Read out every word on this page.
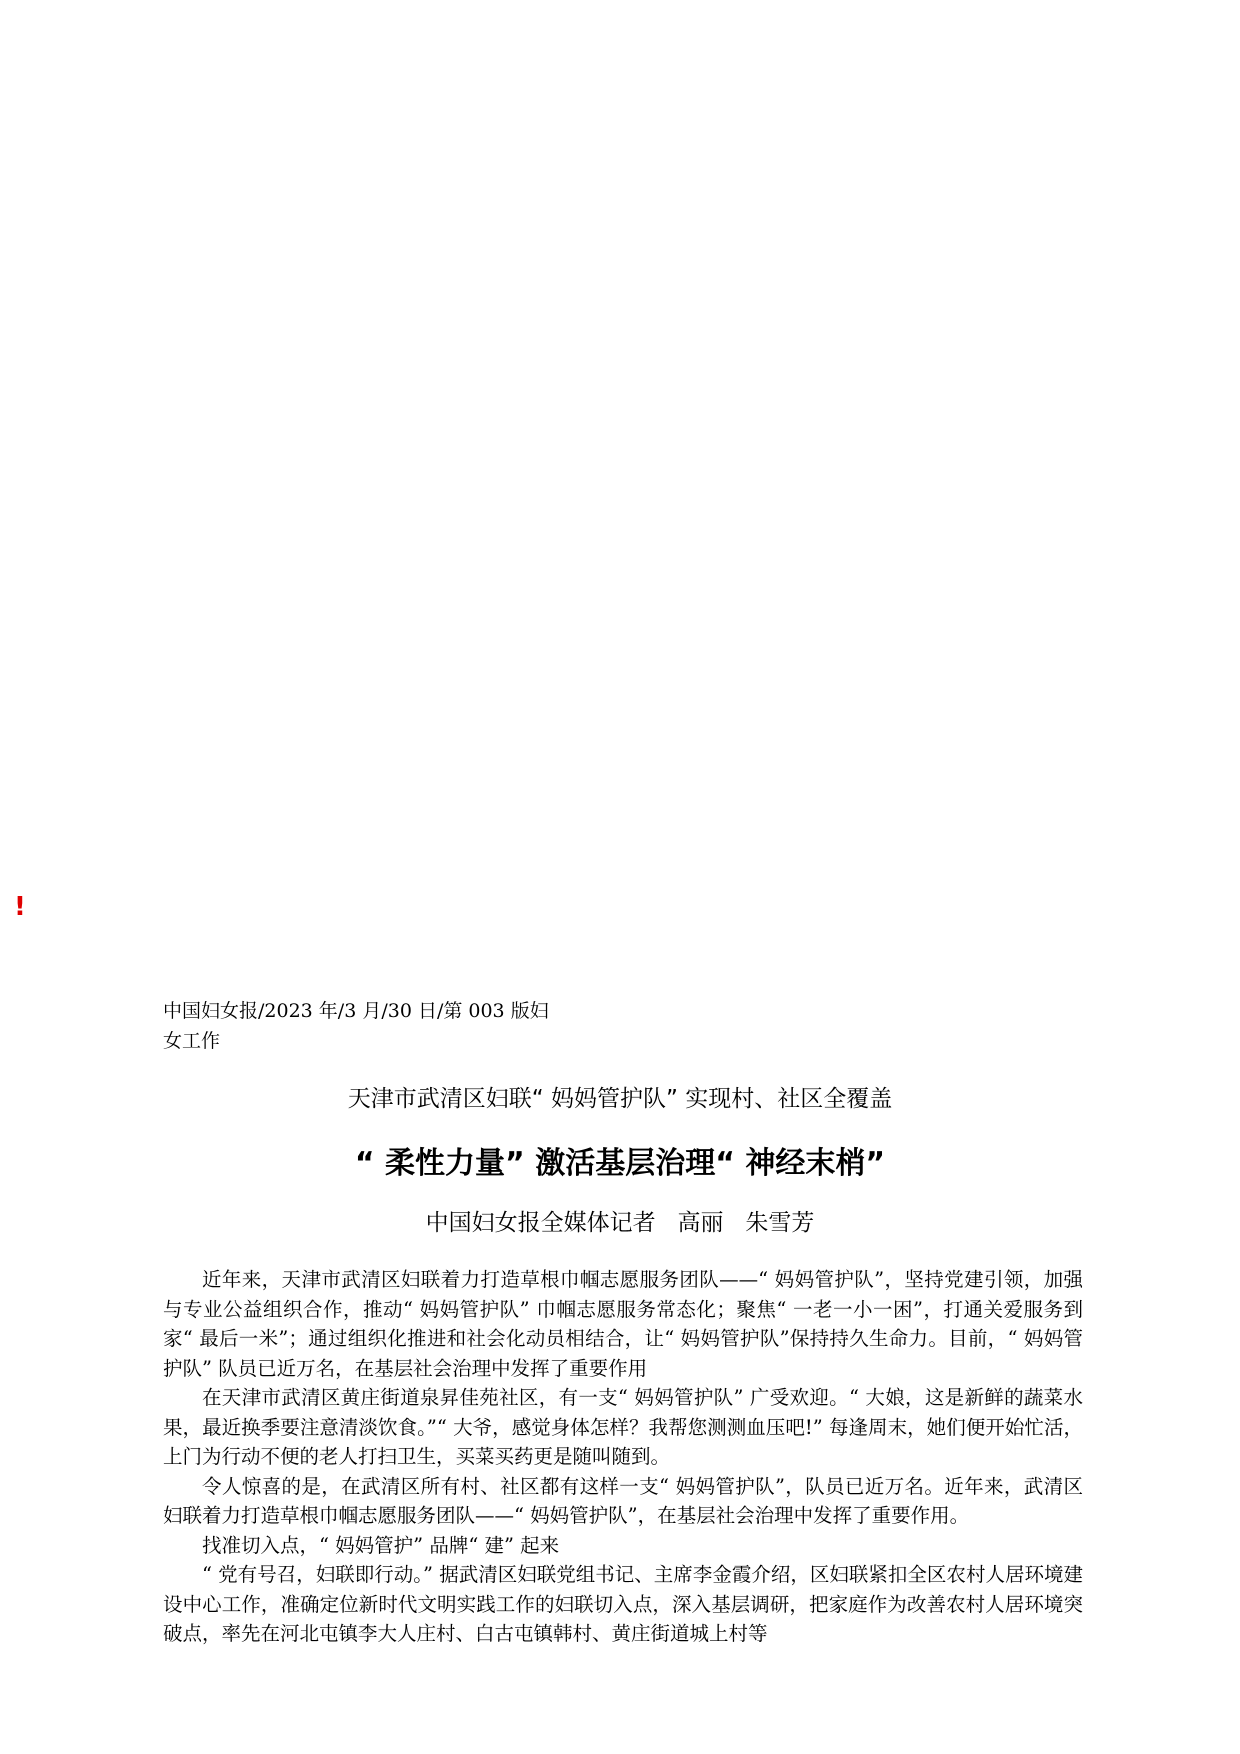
!
中国妇女报/2023 年/3 月/30 日/第 003 版妇女工作
天津市武清区妇联“ 妈妈管护队” 实现村、社区全覆盖
“ 柔性力量” 激活基层治理“ 神经末梢”
中国妇女报全媒体记者   高丽   朱雪芳

近年来，天津市武清区妇联着力打造草根巾帼志愿服务团队——“ 妈妈管护队”，坚持党建引领，加强与专业公益组织合作，推动“ 妈妈管护队” 巾帼志愿服务常态化；聚焦“ 一老一小一困”，打通关爱服务到家“ 最后一米”；通过组织化推进和社会化动员相结合，让“ 妈妈管护队”保持持久生命力。目前，“ 妈妈管护队” 队员已近万名，在基层社会治理中发挥了重要作用

在天津市武清区黄庄街道泉昇佳苑社区，有一支“ 妈妈管护队” 广受欢迎。“ 大娘，这是新鲜的蔬菜水果，最近换季要注意清淡饮食。”“ 大爷，感觉身体怎样？我帮您测测血压吧!” 每逢周末，她们便开始忙活，上门为行动不便的老人打扫卫生，买菜买药更是随叫随到。

令人惊喜的是，在武清区所有村、社区都有这样一支“ 妈妈管护队”，队员已近万名。近年来，武清区妇联着力打造草根巾帼志愿服务团队——“ 妈妈管护队”，在基层社会治理中发挥了重要作用。

找准切入点，“ 妈妈管护” 品牌“ 建” 起来

“ 党有号召，妇联即行动。” 据武清区妇联党组书记、主席李金霞介绍，区妇联紧扣全区农村人居环境建设中心工作，准确定位新时代文明实践工作的妇联切入点，深入基层调研，把家庭作为改善农村人居环境突破点，率先在河北屯镇李大人庄村、白古屯镇韩村、黄庄街道城上村等
